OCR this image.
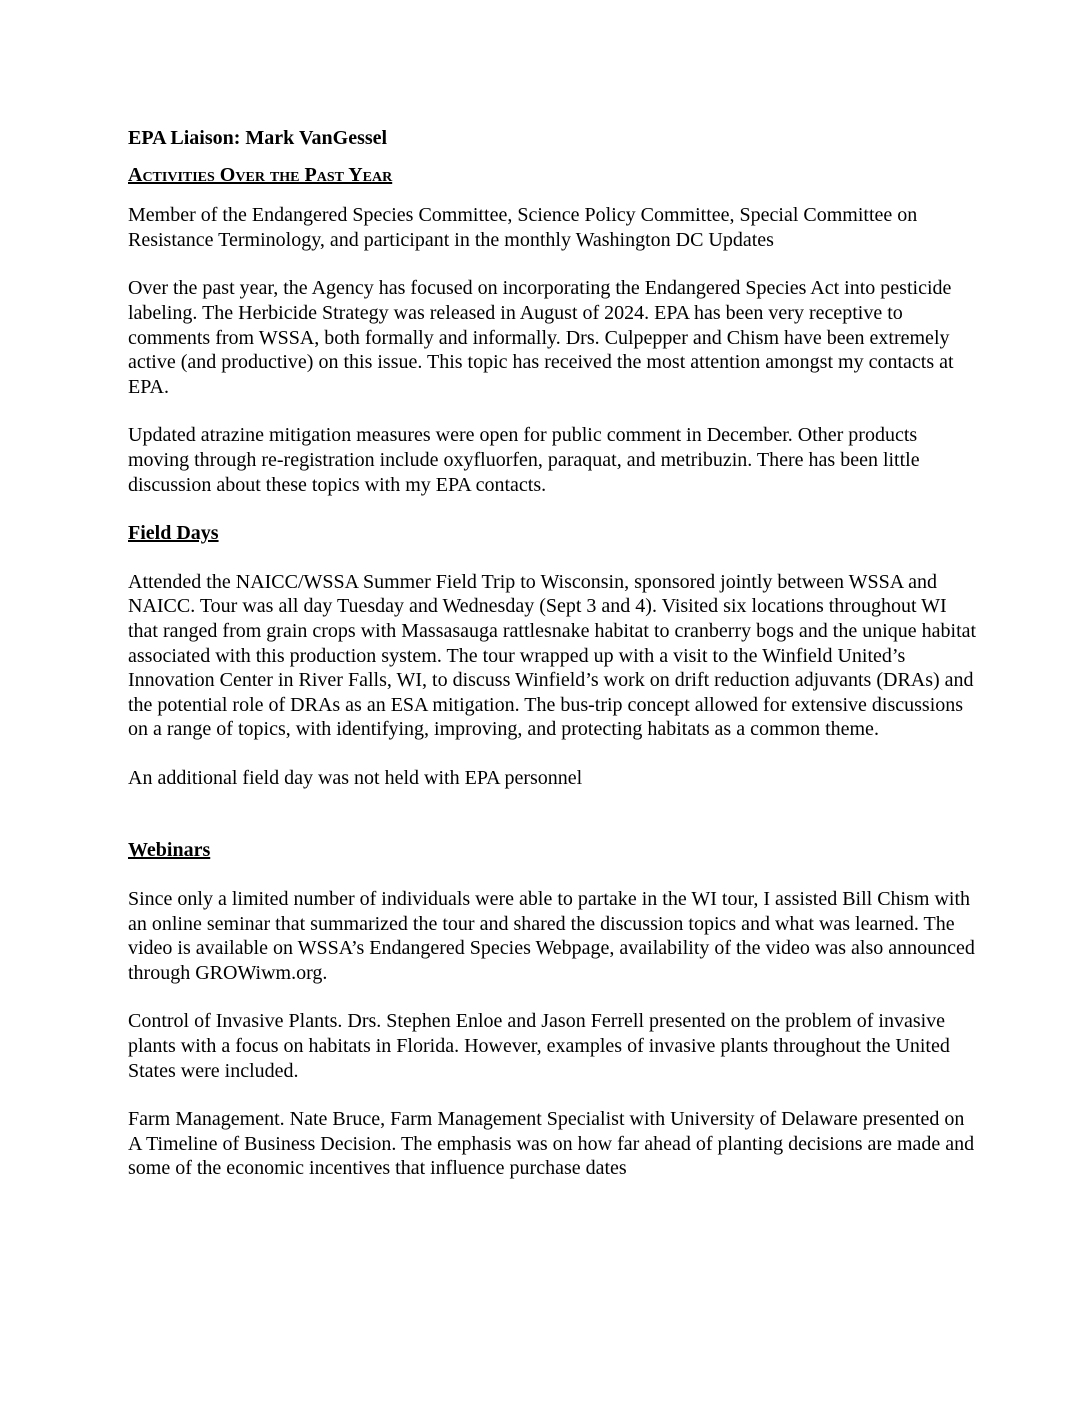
EPA Liaison: Mark VanGessel
Activities Over the Past Year

Member of the Endangered Species Committee, Science Policy Committee, Special Committee on Resistance Terminology, and participant in the monthly Washington DC Updates

Over the past year, the Agency has focused on incorporating the Endangered Species Act into pesticide labeling. The Herbicide Strategy was released in August of 2024. EPA has been very receptive to comments from WSSA, both formally and informally. Drs. Culpepper and Chism have been extremely active (and productive) on this issue. This topic has received the most attention amongst my contacts at EPA.

Updated atrazine mitigation measures were open for public comment in December. Other products moving through re-registration include oxyfluorfen, paraquat, and metribuzin. There has been little discussion about these topics with my EPA contacts.

Field Days

Attended the NAICC/WSSA Summer Field Trip to Wisconsin, sponsored jointly between WSSA and NAICC. Tour was all day Tuesday and Wednesday (Sept 3 and 4). Visited six locations throughout WI that ranged from grain crops with Massasauga rattlesnake habitat to cranberry bogs and the unique habitat associated with this production system. The tour wrapped up with a visit to the Winfield United’s Innovation Center in River Falls, WI, to discuss Winfield’s work on drift reduction adjuvants (DRAs) and the potential role of DRAs as an ESA mitigation. The bus-trip concept allowed for extensive discussions on a range of topics, with identifying, improving, and protecting habitats as a common theme.

An additional field day was not held with EPA personnel

Webinars

Since only a limited number of individuals were able to partake in the WI tour, I assisted Bill Chism with an online seminar that summarized the tour and shared the discussion topics and what was learned. The video is available on WSSA’s Endangered Species Webpage, availability of the video was also announced through GROWiwm.org.

Control of Invasive Plants. Drs. Stephen Enloe and Jason Ferrell presented on the problem of invasive plants with a focus on habitats in Florida. However, examples of invasive plants throughout the United States were included.

Farm Management. Nate Bruce, Farm Management Specialist with University of Delaware presented on A Timeline of Business Decision. The emphasis was on how far ahead of planting decisions are made and some of the economic incentives that influence purchase dates
